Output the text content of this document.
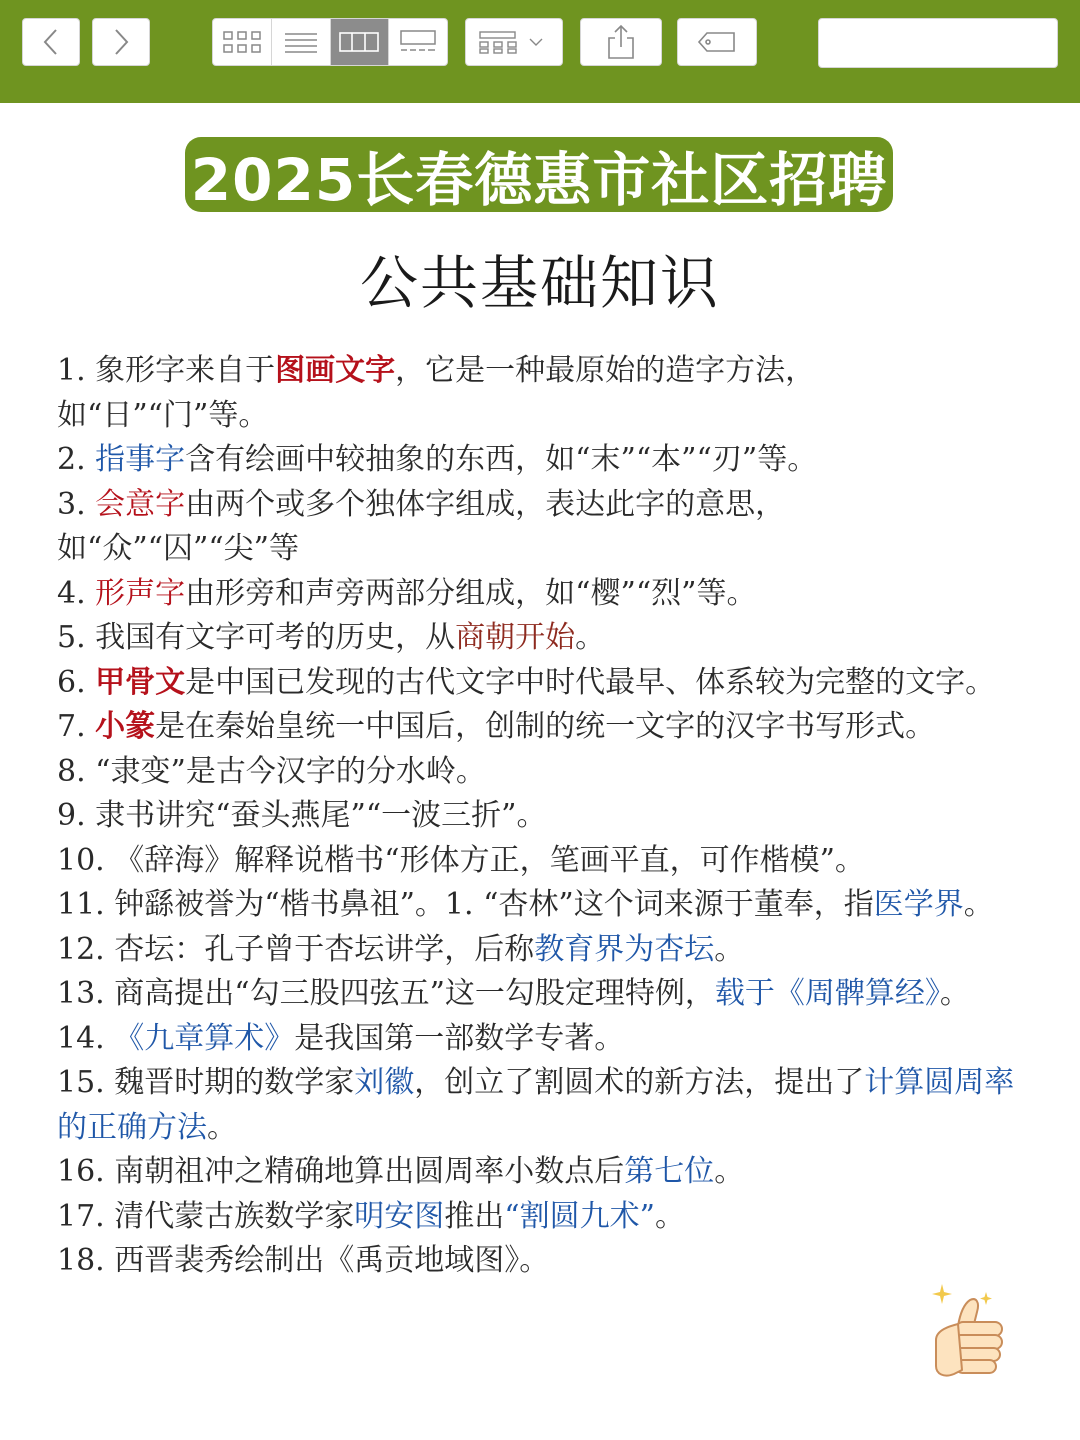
2025长春德惠市社区招聘
公共基础知识

1. 象形字来自于图画文字，它是一种最原始的造字方法，如“日”“门”等。

2. 指事字含有绘画中较抽象的东西，如“末”“本”“刃”等。

3. 会意字由两个或多个独体字组成，表达此字的意思，如“众”“囚”“尖”等

4. 形声字由形旁和声旁两部分组成，如“樱”“烈”等。

5. 我国有文字可考的历史，从商朝开始。

6. 甲骨文是中国已发现的古代文字中时代最早、体系较为完整的文字。

7. 小篆是在秦始皇统一中国后，创制的统一文字的汉字书写形式。

8. “隶变”是古今汉字的分水岭。

9. 隶书讲究“蚕头燕尾”“一波三折”。

10. 《辞海》解释说楷书“形体方正，笔画平直，可作楷模”。

11. 钟繇被誉为“楷书鼻祖”。1. “杏林”这个词来源于董奉，指医学界。

12. 杏坛：孔子曾于杏坛讲学，后称教育界为杏坛。

13. 商高提出“勾三股四弦五”这一勾股定理特例，载于《周髀算经》。

14. 《九章算术》是我国第一部数学专著。

15. 魏晋时期的数学家刘徽，创立了割圆术的新方法，提出了计算圆周率的正确方法。

16. 南朝祖冲之精确地算出圆周率小数点后第七位。

17. 清代蒙古族数学家明安图推出“割圆九术”。

18. 西晋裴秀绘制出《禹贡地域图》。
